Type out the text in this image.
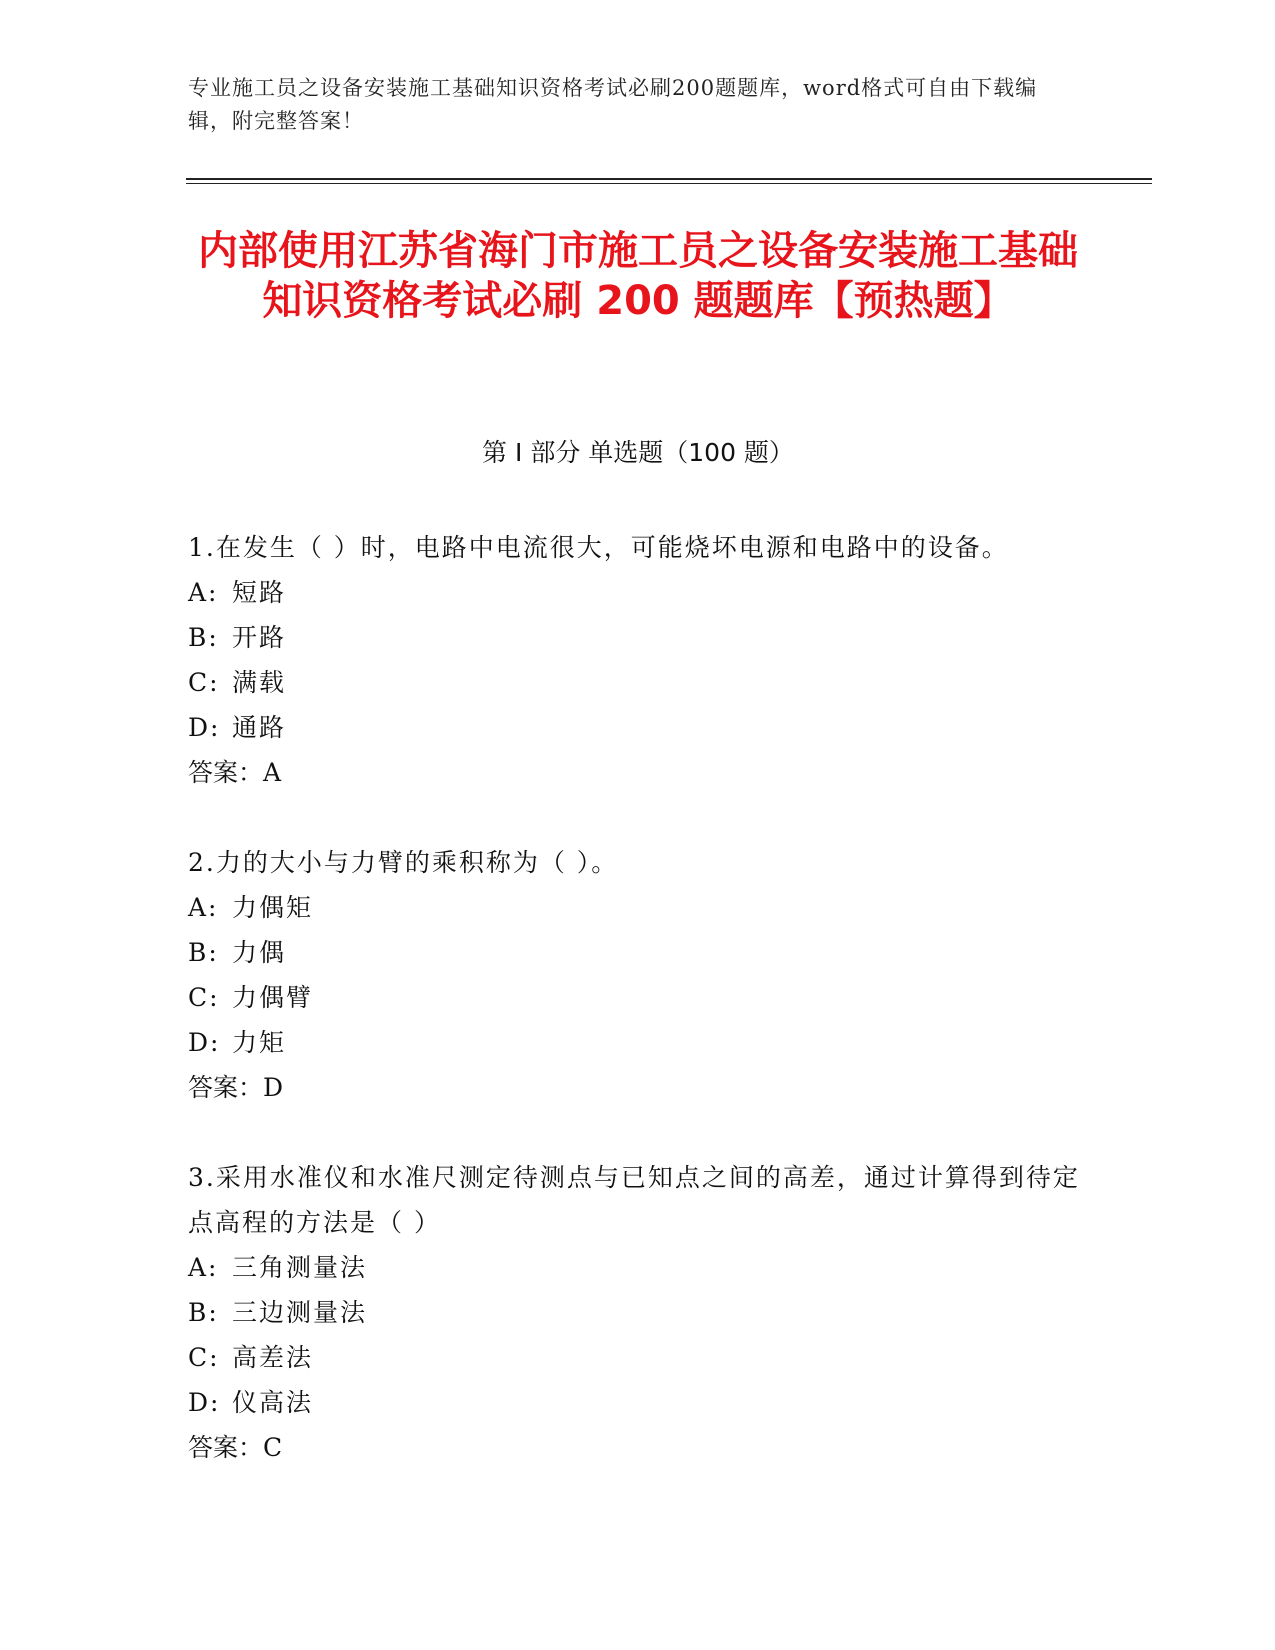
专业施工员之设备安装施工基础知识资格考试必刷200题题库，word格式可自由下载编辑，附完整答案！
内部使用江苏省海门市施工员之设备安装施工基础知识资格考试必刷 200 题题库【预热题】
第 I 部分 单选题（100 题）
1.在发生（ ）时，电路中电流很大，可能烧坏电源和电路中的设备。
A: 短路
B: 开路
C: 满载
D: 通路
答案：A
2.力的大小与力臂的乘积称为（ ）。
A: 力偶矩
B: 力偶
C: 力偶臂
D: 力矩
答案：D
3.采用水准仪和水准尺测定待测点与已知点之间的高差，通过计算得到待定点高程的方法是（ ）
A: 三角测量法
B: 三边测量法
C: 高差法
D: 仪高法
答案：C
